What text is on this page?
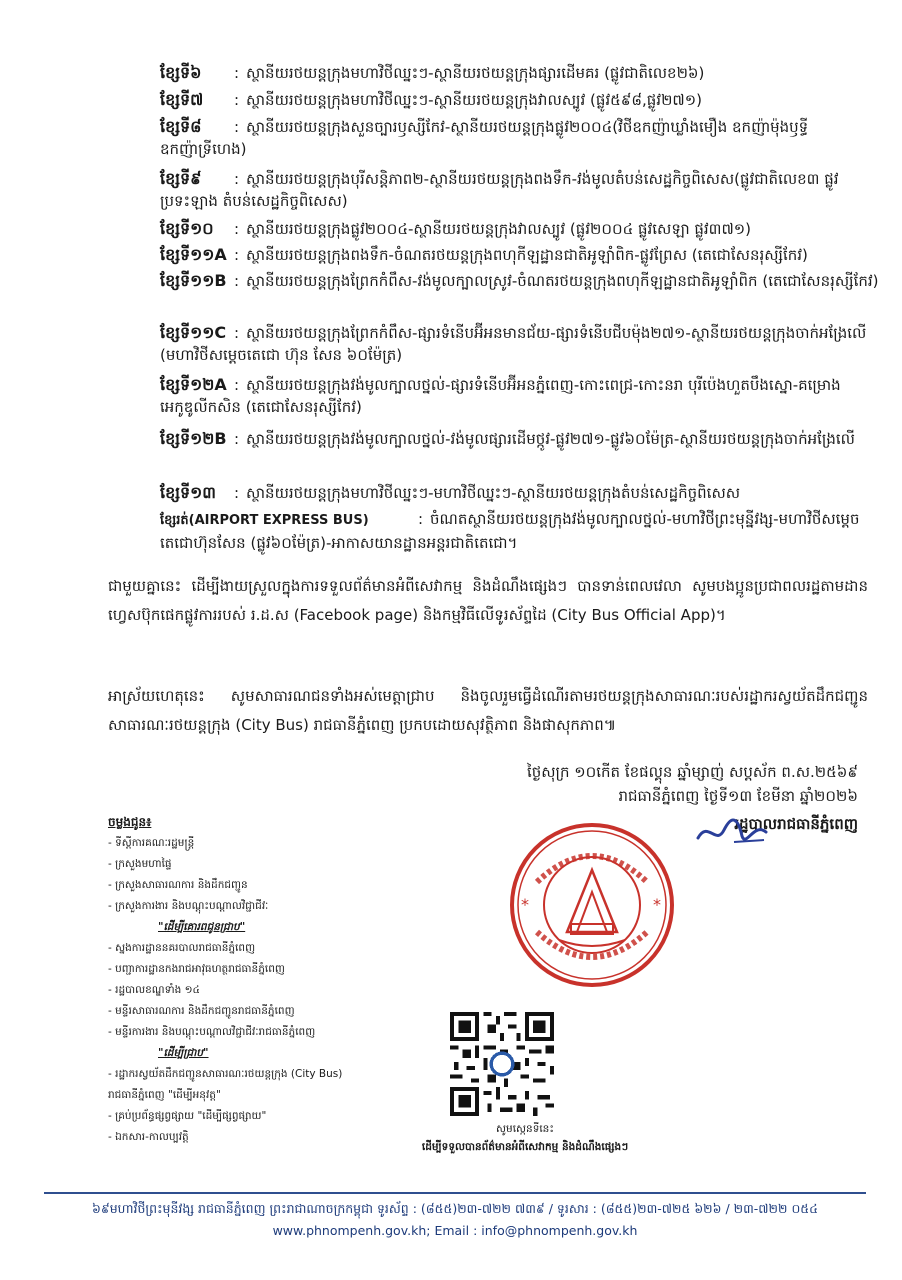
ខ្សែទី៦ : ស្ថានីយរថយន្តក្រុងមហាវិថីឈ្នះៗ-ស្ថានីយរថយន្តក្រុងផ្សារដើមគរ (ផ្លូវជាតិលេខ២៦)
ខ្សែទី៧ : ស្ថានីយរថយន្តក្រុងមហាវិថីឈ្នះៗ-ស្ថានីយរថយន្តក្រុងវាលស្បូវ (ផ្លូវ៥៩៨,ផ្លូវ២៧១)
ខ្សែទី៨ : ស្ថានីយរថយន្តក្រុងសួនច្បារឫស្សីកែវ-ស្ថានីយរថយន្តក្រុងផ្លូវ២០០៤(វិថីឧកញ៉ាឃ្លាំងមឿង ឧកញ៉ាម៉ុងឫទ្ធី ឧកញ៉ាទ្រីហេង)
ខ្សែទី៩ : ស្ថានីយរថយន្តក្រុងបុរីសន្តិភាព២-ស្ថានីយរថយន្តក្រុងពងទឹក-វង់មូលតំបន់សេដ្ឋកិច្ចពិសេស(ផ្លូវជាតិលេខ៣ ផ្លូវប្រទះឡាង តំបន់សេដ្ឋកិច្ចពិសេស)
ខ្សែទី១០ : ស្ថានីយរថយន្តក្រុងផ្លូវ២០០៤-ស្ថានីយរថយន្តក្រុងវាលស្បូវ (ផ្លូវ២០០៤ ផ្លូវសេឡា ផ្លូវ៣៧១)
ខ្សែទី១១A : ស្ថានីយរថយន្តក្រុងពងទឹក-ចំណតរថយន្តក្រុងពហុកីឡដ្ឋានជាតិអូឡាំពិក-ផ្លូវព្រែស (តេជោសែនរុស្សីកែវ)
ខ្សែទី១១B : ស្ថានីយរថយន្តក្រុងព្រែកកំពឹស-វង់មូលក្បាលស្រូវ-ចំណតរថយន្តក្រុងពហុកីឡដ្ឋានជាតិអូឡាំពិក (តេជោសែនរុស្សីកែវ)
ខ្សែទី១១C : ស្ថានីយរថយន្តក្រុងព្រែកកំពឹស-ផ្សារទំនើបអ៊ីអនមានជ័យ-ផ្សារទំនើបជីបម៉ុង២៧១-ស្ថានីយរថយន្តក្រុងចាក់អង្រែលើ (មហាវិថីសម្តេចតេជោ ហ៊ុន សែន ៦០ម៉ែត្រ)
ខ្សែទី១២A : ស្ថានីយរថយន្តក្រុងវង់មូលក្បាលថ្នល់-ផ្សារទំនើបអ៊ីអនភ្នំពេញ-កោះពេជ្រ-កោះនរា បុរីប៉េងហួតបឹងស្នោ-គម្រោងអេកូឌូលីកសិន (តេជោសែនរុស្សីកែវ)
ខ្សែទី១២B : ស្ថានីយរថយន្តក្រុងវង់មូលក្បាលថ្នល់-វង់មូលផ្សារដើមថ្កូវ-ផ្លូវ២៧១-ផ្លូវ៦០ម៉ែត្រ-ស្ថានីយរថយន្តក្រុងចាក់អង្រែលើ
ខ្សែទី១៣ : ស្ថានីយរថយន្តក្រុងមហាវិថីឈ្នះៗ-មហាវិថីឈ្នះៗ-ស្ថានីយរថយន្តក្រុងតំបន់សេដ្ឋកិច្ចពិសេស
ខ្សែរត់(AIRPORT EXPRESS BUS)	: ចំណតស្ថានីយរថយន្តក្រុងវង់មូលក្បាលថ្នល់-មហាវិថីព្រះមុន្នីវង្ស-មហាវិថីសម្តេចតេជោហ៊ុនសែន (ផ្លូវ៦០ម៉ែត្រ)-អាកាសយានដ្ឋានអន្តរជាតិតេជោ។
ជាមួយគ្នានេះ ដើម្បីងាយស្រួលក្នុងការទទួលព័ត៌មានអំពីសេវាកម្ម និងដំណឹងផ្សេងៗ បានទាន់ពេលវេលា សូមបងប្អូនប្រជាពលរដ្ឋតាមដានហ្វេសប៊ុកផេកផ្លូវការរបស់ រ.ដ.ស (Facebook page) និងកម្មវិធីលើទូរស័ព្ទដៃ (City Bus Official App)។
អាស្រ័យហេតុនេះ សូមសាធារណជនទាំងអស់មេត្តាជ្រាប និងចូលរួមធ្វើដំណើរតាមរថយន្តក្រុងសាធារណៈរបស់រដ្ឋាករស្វយ័តដឹកជញ្ជូនសាធារណៈរថយន្តក្រុង (City Bus) រាជធានីភ្នំពេញ ប្រកបដោយសុវត្ថិភាព និងផាសុកភាព៕
ថ្ងៃសុក្រ ១០កើត ខែផល្គុន ឆ្នាំម្សាញ់ សប្តស័ក ព.ស.២៥៦៩
រាជធានីភ្នំពេញ ថ្ងៃទី១៣ ខែមីនា ឆ្នាំ២០២៦
រដ្ឋបាលរាជធានីភ្នំពេញ
*	*
ចម្លងជូន៖
- ទីស្តីការគណៈរដ្ឋមន្ត្រី
- ក្រសួងមហាផ្ទៃ
- ក្រសួងសាធារណការ និងដឹកជញ្ជូន
- ក្រសួងការងារ និងបណ្តុះបណ្តាលវិជ្ជាជីវៈ
"ដើម្បីគោរពជូនជ្រាប"
- ស្នងការដ្ឋាននគរបាលរាជធានីភ្នំពេញ
- បញ្ជាការដ្ឋានកងរាជអាវុធហត្ថរាជធានីភ្នំពេញ
- រដ្ឋបាលខណ្ឌទាំង ១៤
- មន្ទីរសាធារណការ និងដឹកជញ្ជូនរាជធានីភ្នំពេញ
- មន្ទីរការងារ និងបណ្តុះបណ្តាលវិជ្ជាជីវៈរាជធានីភ្នំពេញ
"ដើម្បីជ្រាប"
- រដ្ឋាករស្វយ័តដឹកជញ្ជូនសាធារណៈរថយន្តក្រុង (City Bus)
រាជធានីភ្នំពេញ "ដើម្បីអនុវត្ត"
- គ្រប់ប្រព័ន្ធផ្សព្វផ្សាយ "ដើម្បីផ្សព្វផ្សាយ"
- ឯកសារ-កាលប្បវត្តិ
សូមស្កេនទីនេះ
ដើម្បីទទួលបានព័ត៌មានអំពីសេវាកម្ម និងដំណឹងផ្សេងៗ
៦៩មហាវិថីព្រះមុនីវង្ស រាជធានីភ្នំពេញ ព្រះរាជាណាចក្រកម្ពុជា ទូរស័ព្ទ : (៨៥៥)២៣-៧២២ ៧៣៩ / ទូរសារ : (៨៥៥)២៣-៧២៥ ៦២៦ / ២៣-៧២២ ០៥៤
www.phnompenh.gov.kh; Email : info@phnompenh.gov.kh
